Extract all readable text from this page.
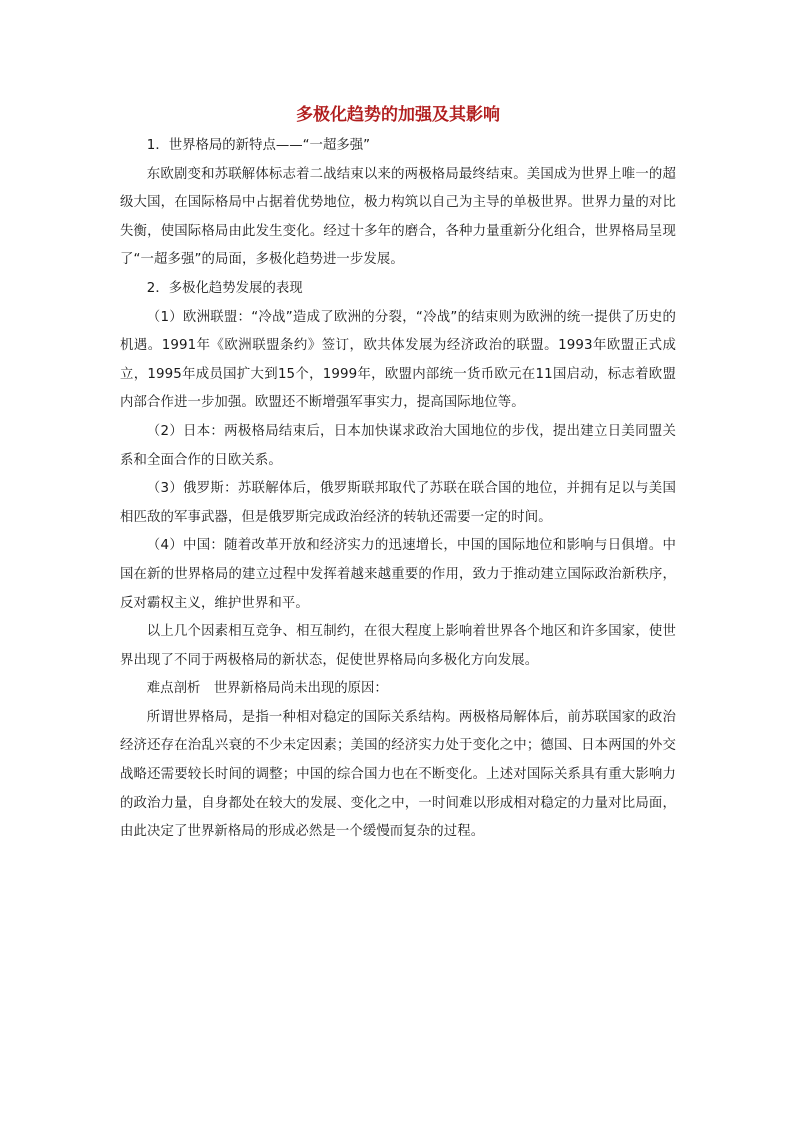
多极化趋势的加强及其影响

1．世界格局的新特点——“一超多强”

东欧剧变和苏联解体标志着二战结束以来的两极格局最终结束。美国成为世界上唯一的超级大国，在国际格局中占据着优势地位，极力构筑以自己为主导的单极世界。世界力量的对比失衡，使国际格局由此发生变化。经过十多年的磨合，各种力量重新分化组合，世界格局呈现了“一超多强”的局面，多极化趋势进一步发展。

2．多极化趋势发展的表现

（1）欧洲联盟：“冷战”造成了欧洲的分裂，“冷战”的结束则为欧洲的统一提供了历史的机遇。1991年《欧洲联盟条约》签订，欧共体发展为经济政治的联盟。1993年欧盟正式成立，1995年成员国扩大到15个，1999年，欧盟内部统一货币欧元在11国启动，标志着欧盟内部合作进一步加强。欧盟还不断增强军事实力，提高国际地位等。

（2）日本：两极格局结束后，日本加快谋求政治大国地位的步伐，提出建立日美同盟关系和全面合作的日欧关系。

（3）俄罗斯：苏联解体后，俄罗斯联邦取代了苏联在联合国的地位，并拥有足以与美国相匹敌的军事武器，但是俄罗斯完成政治经济的转轨还需要一定的时间。

（4）中国：随着改革开放和经济实力的迅速增长，中国的国际地位和影响与日俱增。中国在新的世界格局的建立过程中发挥着越来越重要的作用，致力于推动建立国际政治新秩序，反对霸权主义，维护世界和平。

以上几个因素相互竞争、相互制约，在很大程度上影响着世界各个地区和许多国家，使世界出现了不同于两极格局的新状态，促使世界格局向多极化方向发展。

难点剖析　世界新格局尚未出现的原因：

所谓世界格局，是指一种相对稳定的国际关系结构。两极格局解体后，前苏联国家的政治经济还存在治乱兴衰的不少未定因素；美国的经济实力处于变化之中；德国、日本两国的外交战略还需要较长时间的调整；中国的综合国力也在不断变化。上述对国际关系具有重大影响力的政治力量，自身都处在较大的发展、变化之中，一时间难以形成相对稳定的力量对比局面，由此决定了世界新格局的形成必然是一个缓慢而复杂的过程。
